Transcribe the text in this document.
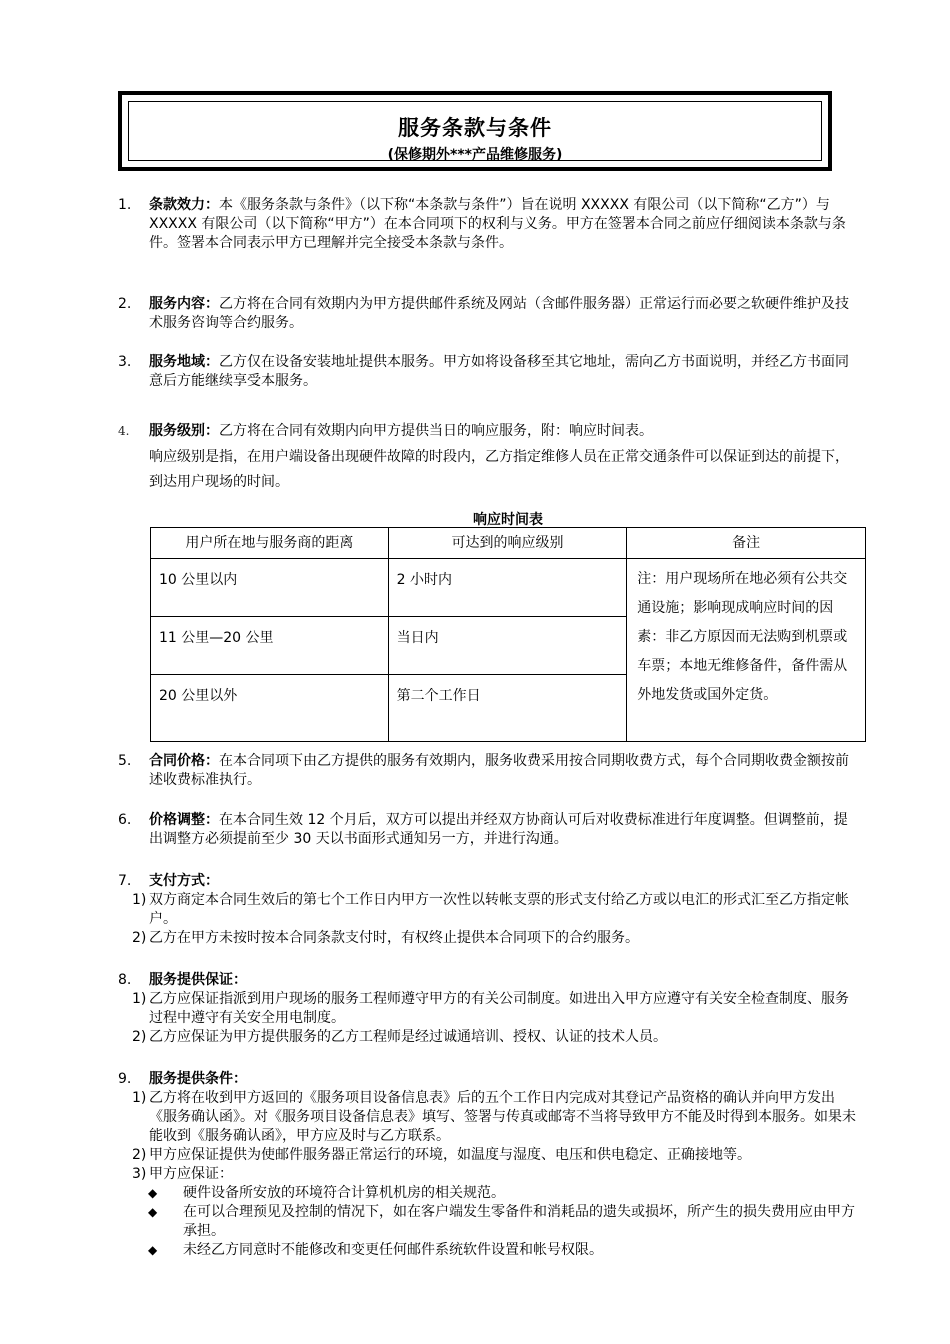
服务条款与条件
(保修期外***产品维修服务)
1. 条款效力：本《服务条款与条件》（以下称“本条款与条件”）旨在说明 XXXXX 有限公司（以下简称“乙方”）与 XXXXX 有限公司（以下简称“甲方”）在本合同项下的权利与义务。甲方在签署本合同之前应仔细阅读本条款与条件。签署本合同表示甲方已理解并完全接受本条款与条件。
2. 服务内容：乙方将在合同有效期内为甲方提供邮件系统及网站（含邮件服务器）正常运行而必要之软硬件维护及技术服务咨询等合约服务。
3. 服务地域：乙方仅在设备安装地址提供本服务。甲方如将设备移至其它地址，需向乙方书面说明，并经乙方书面同意后方能继续享受本服务。
4. 服务级别：乙方将在合同有效期内向甲方提供当日的响应服务，附：响应时间表。
响应级别是指，在用户端设备出现硬件故障的时段内，乙方指定维修人员在正常交通条件可以保证到达的前提下，到达用户现场的时间。
响应时间表
用户所在地与服务商的距离	可达到的响应级别	备注
10 公里以内	2 小时内	注：用户现场所在地必须有公共交通设施；影响现成响应时间的因素：非乙方原因而无法购到机票或车票；本地无维修备件，备件需从外地发货或国外定货。
11 公里—20 公里	当日内	
20 公里以外	第二个工作日	
5. 合同价格：在本合同项下由乙方提供的服务有效期内，服务收费采用按合同期收费方式，每个合同期收费金额按前述收费标准执行。
6. 价格调整：在本合同生效 12 个月后，双方可以提出并经双方协商认可后对收费标准进行年度调整。但调整前，提出调整方必须提前至少 30 天以书面形式通知另一方，并进行沟通。
7. 支付方式：
1) 双方商定本合同生效后的第七个工作日内甲方一次性以转帐支票的形式支付给乙方或以电汇的形式汇至乙方指定帐户。
2) 乙方在甲方未按时按本合同条款支付时，有权终止提供本合同项下的合约服务。
8. 服务提供保证：
1) 乙方应保证指派到用户现场的服务工程师遵守甲方的有关公司制度。如进出入甲方应遵守有关安全检查制度、服务过程中遵守有关安全用电制度。
2) 乙方应保证为甲方提供服务的乙方工程师是经过诚通培训、授权、认证的技术人员。
9. 服务提供条件：
1) 乙方将在收到甲方返回的《服务项目设备信息表》后的五个工作日内完成对其登记产品资格的确认并向甲方发出《服务确认函》。对《服务项目设备信息表》填写、签署与传真或邮寄不当将导致甲方不能及时得到本服务。如果未能收到《服务确认函》，甲方应及时与乙方联系。
2) 甲方应保证提供为使邮件服务器正常运行的环境，如温度与湿度、电压和供电稳定、正确接地等。
3) 甲方应保证：
◆ 硬件设备所安放的环境符合计算机机房的相关规范。
◆ 在可以合理预见及控制的情况下，如在客户端发生零备件和消耗品的遗失或损坏，所产生的损失费用应由甲方承担。
◆ 未经乙方同意时不能修改和变更任何邮件系统软件设置和帐号权限。
